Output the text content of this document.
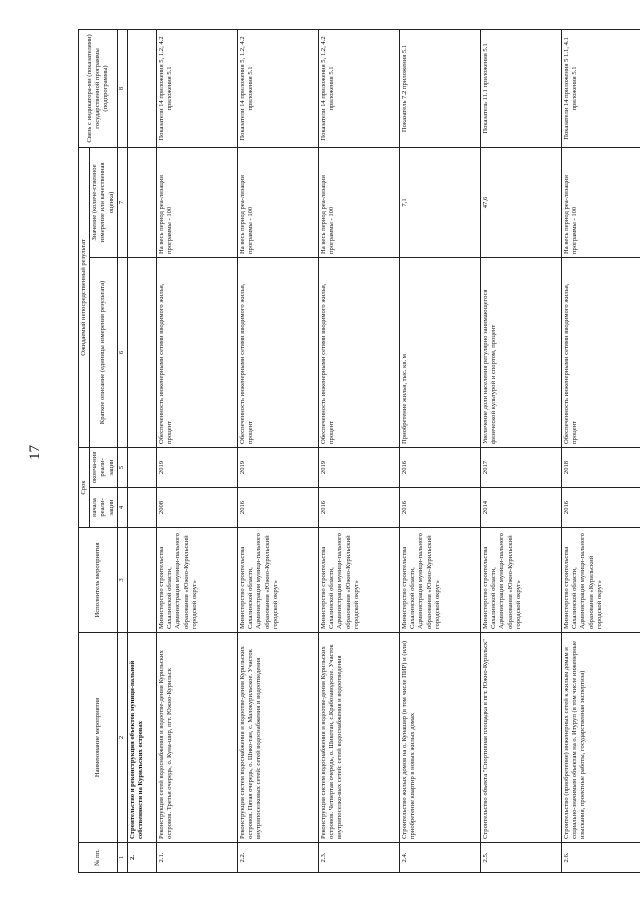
17
№ пп.	Наименование мероприятия	Исполнитель мероприятия	Срок		Ожидаемый непосредственный результат		Связь с индикатора-ми (показателями) государственной программы (подпрограммы)
			начала реали-зации	оконча-ния реали-зации	Краткое описание (единицы измерения результата)	Значение (количе-ственное измерение или качественная оценка)	
1	2	3	4	5	6	7	8
2.	Строительство и реконструкция объектов муници-пальной собственности на Курильских островах						
2.1.	Реконструкция сетей водоснабжения и водоотве-дения Курильских островов. Третья очередь, о. Куна-шир, пгт. Южно-Курильск	Министерство строительства Сахалинской области, Администрация муници-пального образования «Южно-Курильский городской округ»	2008	2019	Обеспеченность инженерными сетями вводимого жилья, процент	На весь период реа-лизации программы - 100	Показатели 14 приложения 5, 1.2, 4.2 приложения 5.1
2.2.	Реконструкция систем водоснабжения и водоотве-дения Курильских островов. Пятая очередь, о. Шико-тан, с. Малокурильское. Участок внутрипоселковых сетей: сетей водоснабжения и водоотведения	Министерство строительства Сахалинской области, Администрация муници-пального образования «Южно-Курильский городской округ»	2016	2019	Обеспеченность инженерными сетями вводимого жилья, процент	На весь период реа-лизации программы - 100	Показатели 14 приложения 5, 1.2, 4.2 приложения 5.1
2.3.	Реконструкция систем водоснабжения и водоотве-дения Курильских островов. Четвертая очередь, о. Шикотан, с.Крабозаводское. Участок внутрипоселко-вых сетей: сетей водоснабжения и водоотведения	Министерство строительства Сахалинской области, Администрация муници-пального образования «Южно-Курильский городской округ»	2016	2019	Обеспеченность инженерными сетями вводимого жилья, процент	На весь период реа-лизации программы - 100	Показатели 14 приложения 5, 1.2, 4.2 приложения 5.1
2.4.	Строительство жилых домов на о. Кунашир (в том числе ПИР) и (или) приобретение квартир в новых жилых домах	Министерство строительства Сахалинской области, Администрация муници-пального образования «Южно-Курильский городской округ»	2016	2016	Приобретение жилья, тыс. кв. м	7,1	Показатель 7.2 приложения 5.1
2.5.	Строительство объекта "Спортивная площадка в пгт. Южно-Курильск"	Министерство строительства Сахалинской области, Администрация муници-пального образования «Южно-Курильский городской округ»	2014	2017	Увеличение доли населения регулярно занимающегося физической культурой и спортом, процент	47,6	Показатель 11.1 приложения 5.1
2.6.	Строительство (приобретение) инженерных сетей к жилым домам и социально-значимым объектам на о. Итуруп (в том числе инженерные изыскания, проектные работы, государственная экспертиза)	Министерство строительства Сахалинской области, Администрация муници-пального образования «Курильский городской округ»	2016	2018	Обеспеченность инженерными сетями вводимого жилья, процент	На весь период реа-лизации программы - 100	Показатели 14 приложения 5 1.1, 4.1 приложения 5.1
